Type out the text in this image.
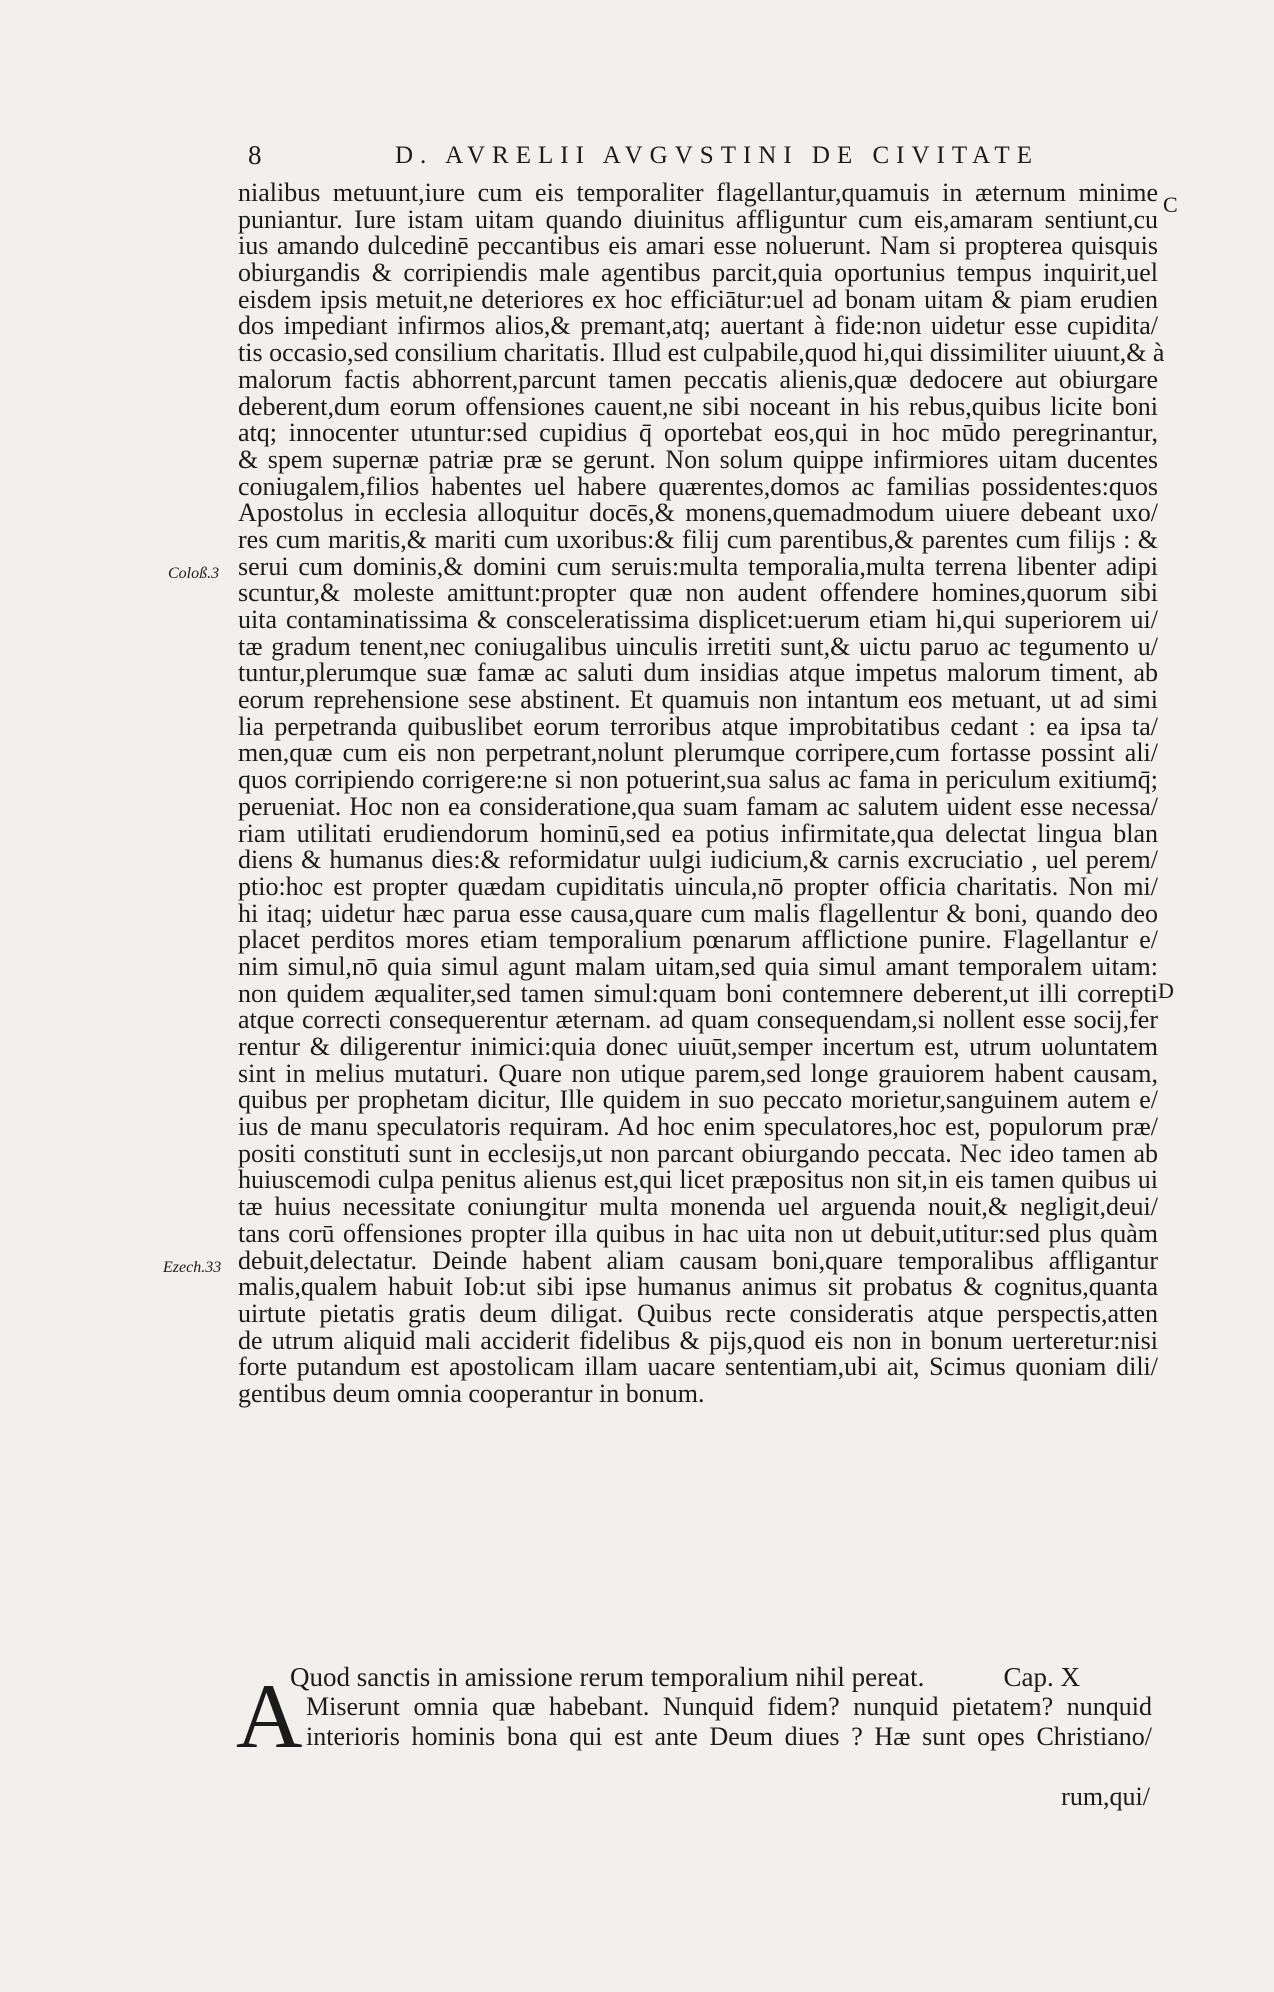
8	D. AVRELII AVGVSTINI DE CIVITATE
C
D
Coloß.3
Ezech.33
nialibus metuunt,iure cum eis temporaliter flagellantur,quamuis in æternum minime
puniantur. Iure istam uitam quando diuinitus affliguntur cum eis,amaram sentiunt,cu
ius amando dulcedinē peccantibus eis amari esse noluerunt. Nam si propterea quisquis
obiurgandis & corripiendis male agentibus parcit,quia oportunius tempus inquirit,uel
eisdem ipsis metuit,ne deteriores ex hoc efficiātur:uel ad bonam uitam & piam erudien
dos impediant infirmos alios,& premant,atq; auertant à fide:non uidetur esse cupidita/
tis occasio,sed consilium charitatis. Illud est culpabile,quod hi,qui dissimiliter uiuunt,& à
malorum factis abhorrent,parcunt tamen peccatis alienis,quæ dedocere aut obiurgare
deberent,dum eorum offensiones cauent,ne sibi noceant in his rebus,quibus licite boni
atq; innocenter utuntur:sed cupidius q̄ oportebat eos,qui in hoc mūdo peregrinantur,
& spem supernæ patriæ præ se gerunt. Non solum quippe infirmiores uitam ducentes
coniugalem,filios habentes uel habere quærentes,domos ac familias possidentes:quos
Apostolus in ecclesia alloquitur docēs,& monens,quemadmodum uiuere debeant uxo/
res cum maritis,& mariti cum uxoribus:& filij cum parentibus,& parentes cum filijs : &
serui cum dominis,& domini cum seruis:multa temporalia,multa terrena libenter adipi
scuntur,& moleste amittunt:propter quæ non audent offendere homines,quorum sibi
uita contaminatissima & consceleratissima displicet:uerum etiam hi,qui superiorem ui/
tæ gradum tenent,nec coniugalibus uinculis irretiti sunt,& uictu paruo ac tegumento u/
tuntur,plerumque suæ famæ ac saluti dum insidias atque impetus malorum timent, ab
eorum reprehensione sese abstinent. Et quamuis non intantum eos metuant, ut ad simi
lia perpetranda quibuslibet eorum terroribus atque improbitatibus cedant : ea ipsa ta/
men,quæ cum eis non perpetrant,nolunt plerumque corripere,cum fortasse possint ali/
quos corripiendo corrigere:ne si non potuerint,sua salus ac fama in periculum exitiumq̄;
perueniat. Hoc non ea consideratione,qua suam famam ac salutem uident esse necessa/
riam utilitati erudiendorum hominū,sed ea potius infirmitate,qua delectat lingua blan
diens & humanus dies:& reformidatur uulgi iudicium,& carnis excruciatio , uel perem/
ptio:hoc est propter quædam cupiditatis uincula,nō propter officia charitatis. Non mi/
hi itaq; uidetur hæc parua esse causa,quare cum malis flagellentur & boni, quando deo
placet perditos mores etiam temporalium pœnarum afflictione punire. Flagellantur e/
nim simul,nō quia simul agunt malam uitam,sed quia simul amant temporalem uitam:
non quidem æqualiter,sed tamen simul:quam boni contemnere deberent,ut illi correpti
atque correcti consequerentur æternam. ad quam consequendam,si nollent esse socij,fer
rentur & diligerentur inimici:quia donec uiuūt,semper incertum est, utrum uoluntatem
sint in melius mutaturi. Quare non utique parem,sed longe grauiorem habent causam,
quibus per prophetam dicitur, Ille quidem in suo peccato morietur,sanguinem autem e/
ius de manu speculatoris requiram. Ad hoc enim speculatores,hoc est, populorum præ/
positi constituti sunt in ecclesijs,ut non parcant obiurgando peccata. Nec ideo tamen ab
huiuscemodi culpa penitus alienus est,qui licet præpositus non sit,in eis tamen quibus ui
tæ huius necessitate coniungitur multa monenda uel arguenda nouit,& negligit,deui/
tans corū offensiones propter illa quibus in hac uita non ut debuit,utitur:sed plus quàm
debuit,delectatur. Deinde habent aliam causam boni,quare temporalibus affligantur
malis,qualem habuit Iob:ut sibi ipse humanus animus sit probatus & cognitus,quanta
uirtute pietatis gratis deum diligat. Quibus recte consideratis atque perspectis,atten
de utrum aliquid mali acciderit fidelibus & pijs,quod eis non in bonum uerteretur:nisi
forte putandum est apostolicam illam uacare sententiam,ubi ait, Scimus quoniam dili/
gentibus deum omnia cooperantur in bonum.
Quod sanctis in amissione rerum temporalium nihil pereat.	Cap. X
A Miserunt omnia quæ habebant. Nunquid fidem? nunquid pietatem? nunquid
interioris hominis bona qui est ante Deum diues ? Hæ sunt opes Christiano/
rum,qui/
